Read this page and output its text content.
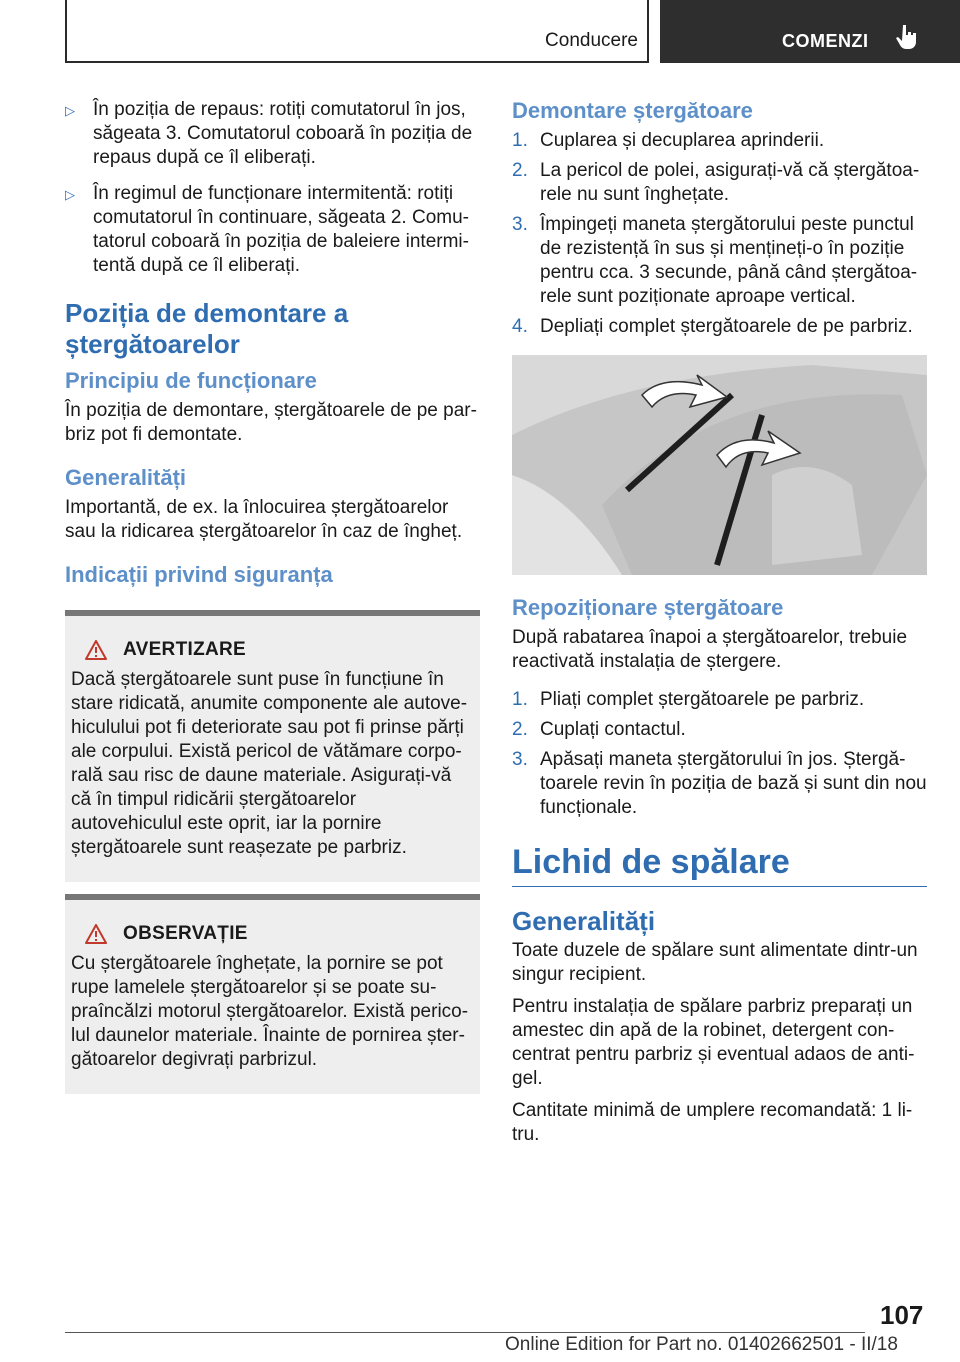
Conducere	COMENZI
▷ În poziția de repaus: rotiți comutatorul în jos, săgeata 3. Comutatorul coboară în poziția de repaus după ce îl eliberați.
▷ În regimul de funcționare intermitentă: rotiți comutatorul în continuare, săgeata 2. Comutatorul coboară în poziția de baleiere intermitentă după ce îl eliberați.
Poziția de demontare a ștergătoarelor
Principiu de funcționare
În poziția de demontare, ștergătoarele de pe parbriz pot fi demontate.
Generalități
Importantă, de ex. la înlocuirea ștergătoarelor sau la ridicarea ștergătoarelor în caz de îngheț.
Indicații privind siguranța
AVERTIZARE
Dacă ștergătoarele sunt puse în funcțiune în stare ridicată, anumite componente ale autovehiculului pot fi deteriorate sau pot fi prinse părți ale corpului. Există pericol de vătămare corporală sau risc de daune materiale. Asigurați-vă că în timpul ridicării ștergătoarelor autovehiculul este oprit, iar la pornire ștergătoarele sunt reașezate pe parbriz.
OBSERVAȚIE
Cu ștergătoarele înghețate, la pornire se pot rupe lamelele ștergătoarelor și se poate supraîncălzi motorul ștergătoarelor. Există pericolul daunelor materiale. Înainte de pornirea ștergătoarelor degivrați parbrizul.
Demontare ștergătoare
1. Cuplarea și decuplarea aprinderii.
2. La pericol de polei, asigurați-vă că ștergătoarele nu sunt înghețate.
3. Împingeți maneta ștergătorului peste punctul de rezistență în sus și mențineți-o în poziție pentru cca. 3 secunde, până când ștergătoarele sunt poziționate aproape vertical.
4. Depliați complet ștergătoarele de pe parbriz.
Repoziționare ștergătoare
După rabatarea înapoi a ștergătoarelor, trebuie reactivată instalația de ștergere.
1. Pliați complet ștergătoarele pe parbriz.
2. Cuplați contactul.
3. Apăsați maneta ștergătorului în jos. Ștergătoarele revin în poziția de bază și sunt din nou funcționale.
Lichid de spălare
Generalități
Toate duzele de spălare sunt alimentate dintr-un singur recipient.
Pentru instalația de spălare parbriz preparați un amestec din apă de la robinet, detergent concentrat pentru parbriz și eventual adaos de antigel.
Cantitate minimă de umplere recomandată: 1 litru.
107
Online Edition for Part no. 01402662501 - II/18
